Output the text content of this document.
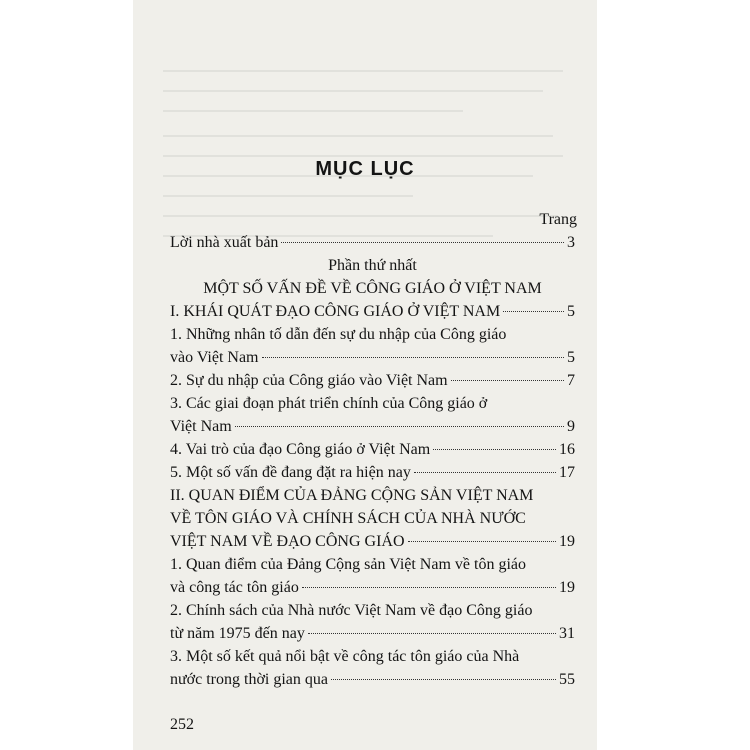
MỤC LỤC
Trang
Lời nhà xuất bản	3
Phần thứ nhất
MỘT SỐ VẤN ĐỀ VỀ CÔNG GIÁO Ở VIỆT NAM
I. KHÁI QUÁT ĐẠO CÔNG GIÁO Ở VIỆT NAM	5
1. Những nhân tố dẫn đến sự du nhập của Công giáo
vào Việt Nam	5
2. Sự du nhập của Công giáo vào Việt Nam	7
3. Các giai đoạn phát triển chính của Công giáo ở
Việt Nam	9
4. Vai trò của đạo Công giáo ở Việt Nam	16
5. Một số vấn đề đang đặt ra hiện nay	17
II. QUAN ĐIỂM CỦA ĐẢNG CỘNG SẢN VIỆT NAM
VỀ TÔN GIÁO VÀ CHÍNH SÁCH CỦA NHÀ NƯỚC
VIỆT NAM VỀ ĐẠO CÔNG GIÁO	19
1. Quan điểm của Đảng Cộng sản Việt Nam về tôn giáo
và công tác tôn giáo	19
2. Chính sách của Nhà nước Việt Nam về đạo Công giáo
từ năm 1975 đến nay	31
3. Một số kết quả nổi bật về công tác tôn giáo của Nhà
nước trong thời gian qua	55
252
